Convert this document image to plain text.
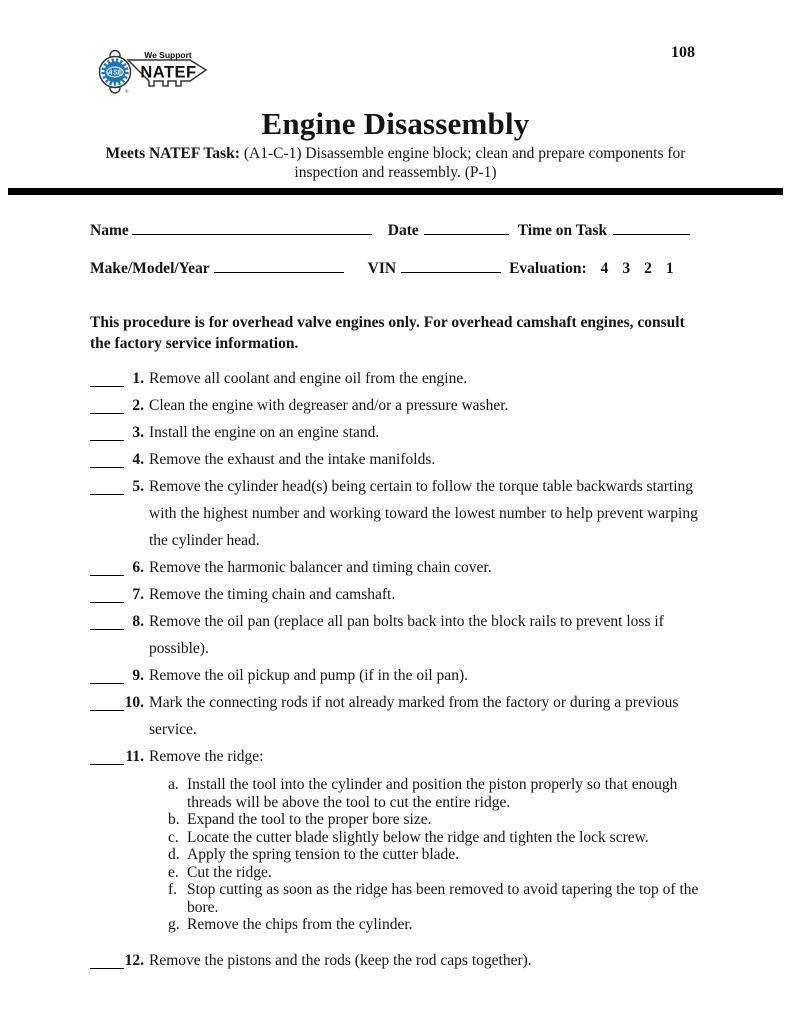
ASE
We Support
NATEF
®
108
Engine Disassembly
Meets NATEF Task: (A1-C-1) Disassemble engine block; clean and prepare components for
inspection and reassembly. (P-1)
Name	Date	Time on Task
Make/Model/Year	VIN	Evaluation: 4 3 2 1
This procedure is for overhead valve engines only. For overhead camshaft engines, consult
the factory service information.
1. Remove all coolant and engine oil from the engine.
2. Clean the engine with degreaser and/or a pressure washer.
3. Install the engine on an engine stand.
4. Remove the exhaust and the intake manifolds.
5. Remove the cylinder head(s) being certain to follow the torque table backwards starting with the highest number and working toward the lowest number to help prevent warping the cylinder head.
6. Remove the harmonic balancer and timing chain cover.
7. Remove the timing chain and camshaft.
8. Remove the oil pan (replace all pan bolts back into the block rails to prevent loss if possible).
9. Remove the oil pickup and pump (if in the oil pan).
10. Mark the connecting rods if not already marked from the factory or during a previous service.
11. Remove the ridge:
a. Install the tool into the cylinder and position the piston properly so that enough threads will be above the tool to cut the entire ridge.
b. Expand the tool to the proper bore size.
c. Locate the cutter blade slightly below the ridge and tighten the lock screw.
d. Apply the spring tension to the cutter blade.
e. Cut the ridge.
f. Stop cutting as soon as the ridge has been removed to avoid tapering the top of the bore.
g. Remove the chips from the cylinder.
12. Remove the pistons and the rods (keep the rod caps together).
